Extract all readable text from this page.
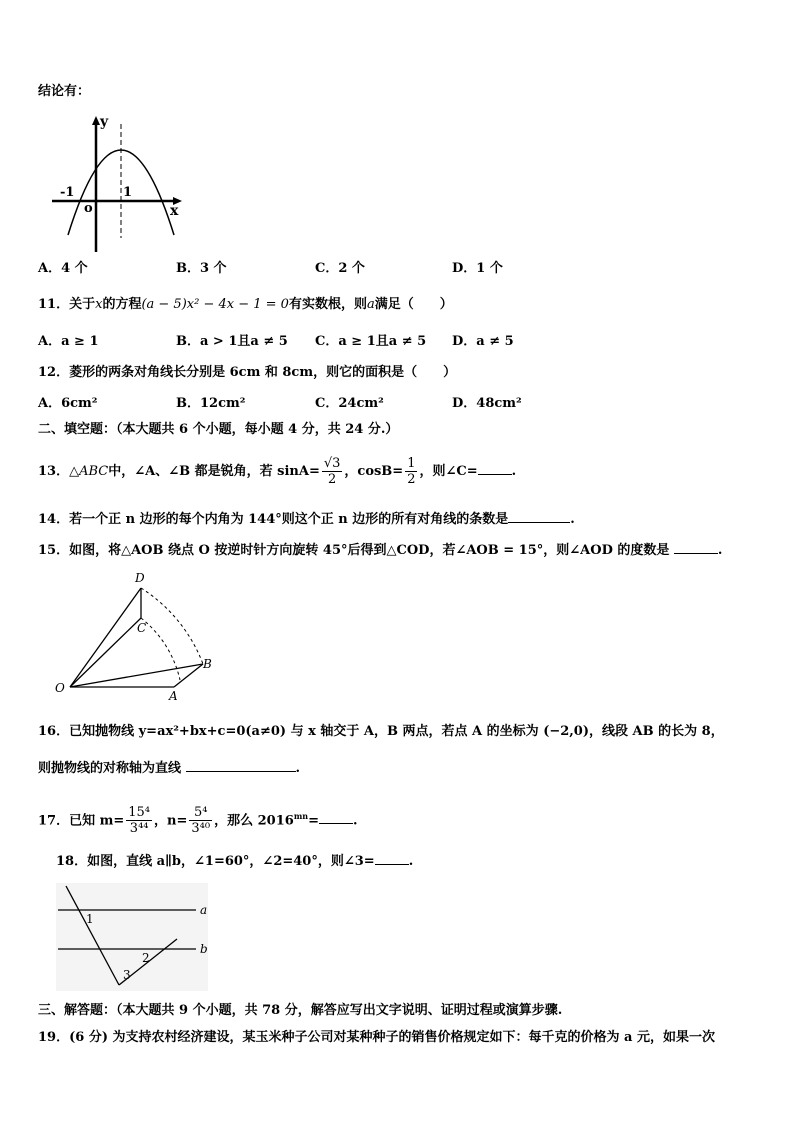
结论有：
y
x
-1	1
o
A．4 个	B．3 个	C．2 个	D．1 个
11．关于x的方程(a − 5)x² − 4x − 1 = 0有实数根，则a满足（　　）
A．a ≥ 1	B．a > 1且a ≠ 5 C．a ≥ 1且a ≠ 5 D．a ≠ 5
12．菱形的两条对角线长分别是 6cm 和 8cm，则它的面积是（　　）
A．6cm²	B．12cm²	C．24cm²	D．48cm²
二、填空题：（本大题共 6 个小题，每小题 4 分，共 24 分.）
13．△ABC中，∠A、∠B 都是锐角，若 $\sin A= \frac{√3}{2}$ ，$\cos B= \frac{1}{2}$ ，则∠C=	.
14．若一个正 n 边形的每个内角为 144°则这个正 n 边形的所有对角线的条数是	.
15．如图，将△AOB 绕点 O 按逆时针方向旋转 45°后得到△COD，若∠AOB = 15°，则∠AOD 的度数是	.
D
C
B
A
O
16．已知抛物线 y=ax²+bx+c=0(a≠0) 与 x 轴交于 A，B 两点，若点 A 的坐标为 (−2,0)，线段 AB 的长为 8，
则抛物线的对称轴为直线	.
17．已知 $m= \frac{\text{15⁴}}{\text{3⁴⁴}}$ ，$n= \frac{\text{5⁴}}{\text{3⁴⁰}}$ ，那么 $2016^{mn}=$	.
18．如图，直线 a∥b，∠1=60°，∠2=40°，则∠3=	.
a
b
1
2
3
三、解答题：（本大题共 9 个小题，共 78 分，解答应写出文字说明、证明过程或演算步骤.
19．(6 分) 为支持农村经济建设，某玉米种子公司对某种种子的销售价格规定如下：每千克的价格为 a 元，如果一次
